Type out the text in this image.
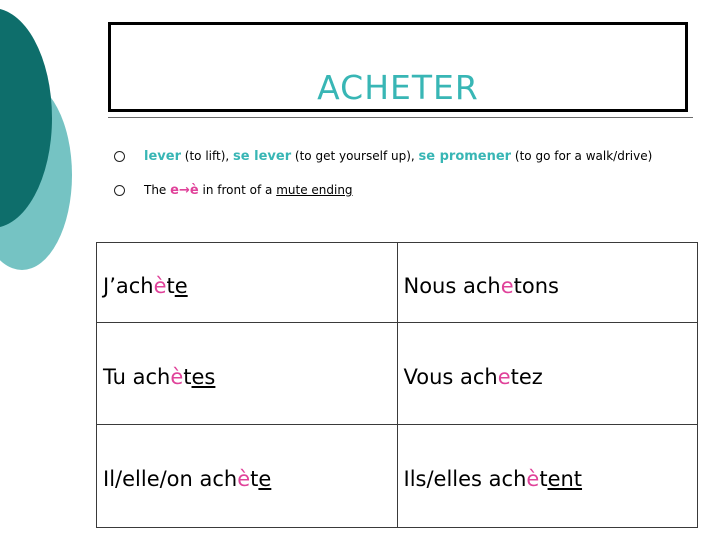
ACHETER
lever (to lift), se lever (to get yourself up), se promener (to go for a walk/drive)
The e→è in front of a mute ending
J’achète	Nous achetons
Tu achètes	Vous achetez
Il/elle/on achète	Ils/elles achètent
